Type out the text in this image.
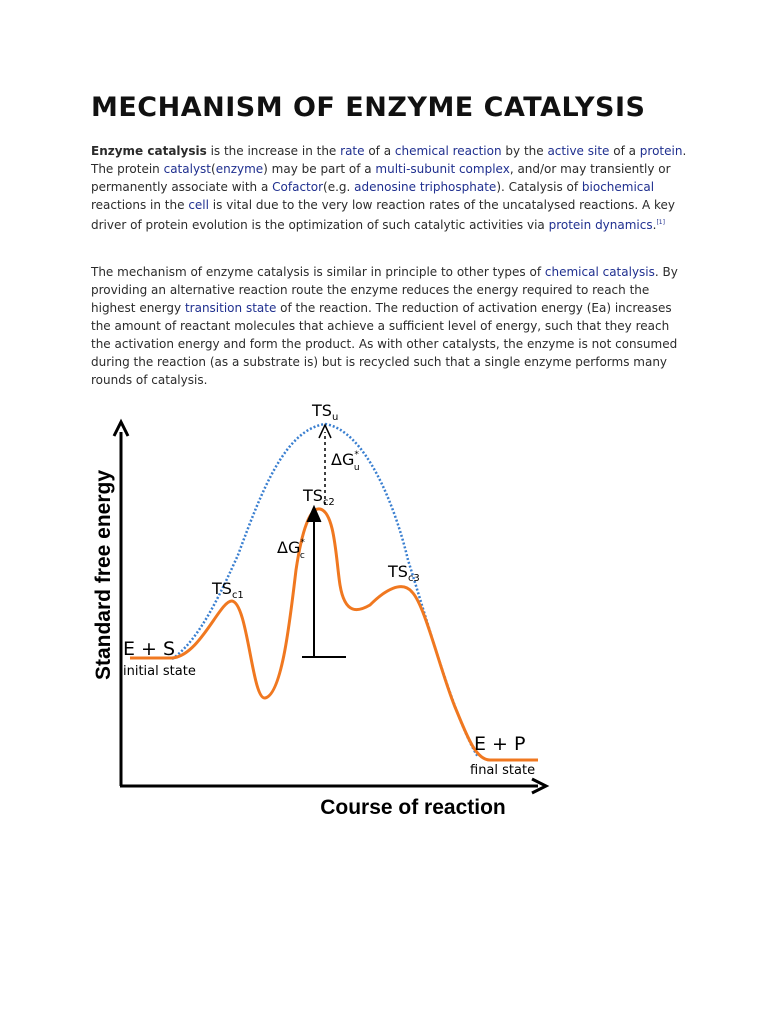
MECHANISM OF ENZYME CATALYSIS

Enzyme catalysis is the increase in the rate of a chemical reaction by the active site of a protein. The protein catalyst(enzyme) may be part of a multi-subunit complex, and/or may transiently or permanently associate with a Cofactor(e.g. adenosine triphosphate). Catalysis of biochemical reactions in the cell is vital due to the very low reaction rates of the uncatalysed reactions. A key driver of protein evolution is the optimization of such catalytic activities via protein dynamics.[1]

The mechanism of enzyme catalysis is similar in principle to other types of chemical catalysis. By providing an alternative reaction route the enzyme reduces the energy required to reach the highest energy transition state of the reaction. The reduction of activation energy (Ea) increases the amount of reactant molecules that achieve a sufficient level of energy, such that they reach the activation energy and form the product. As with other catalysts, the enzyme is not consumed during the reaction (as a substrate is) but is recycled such that a single enzyme performs many rounds of catalysis.

Standard free energy
Course of reaction
E + S
initial state
E + P
final state
$TS_u$
$TS_{c1}$
$TS_{c2}$
$TS_{c3}$
ΔG* u
ΔG* c
